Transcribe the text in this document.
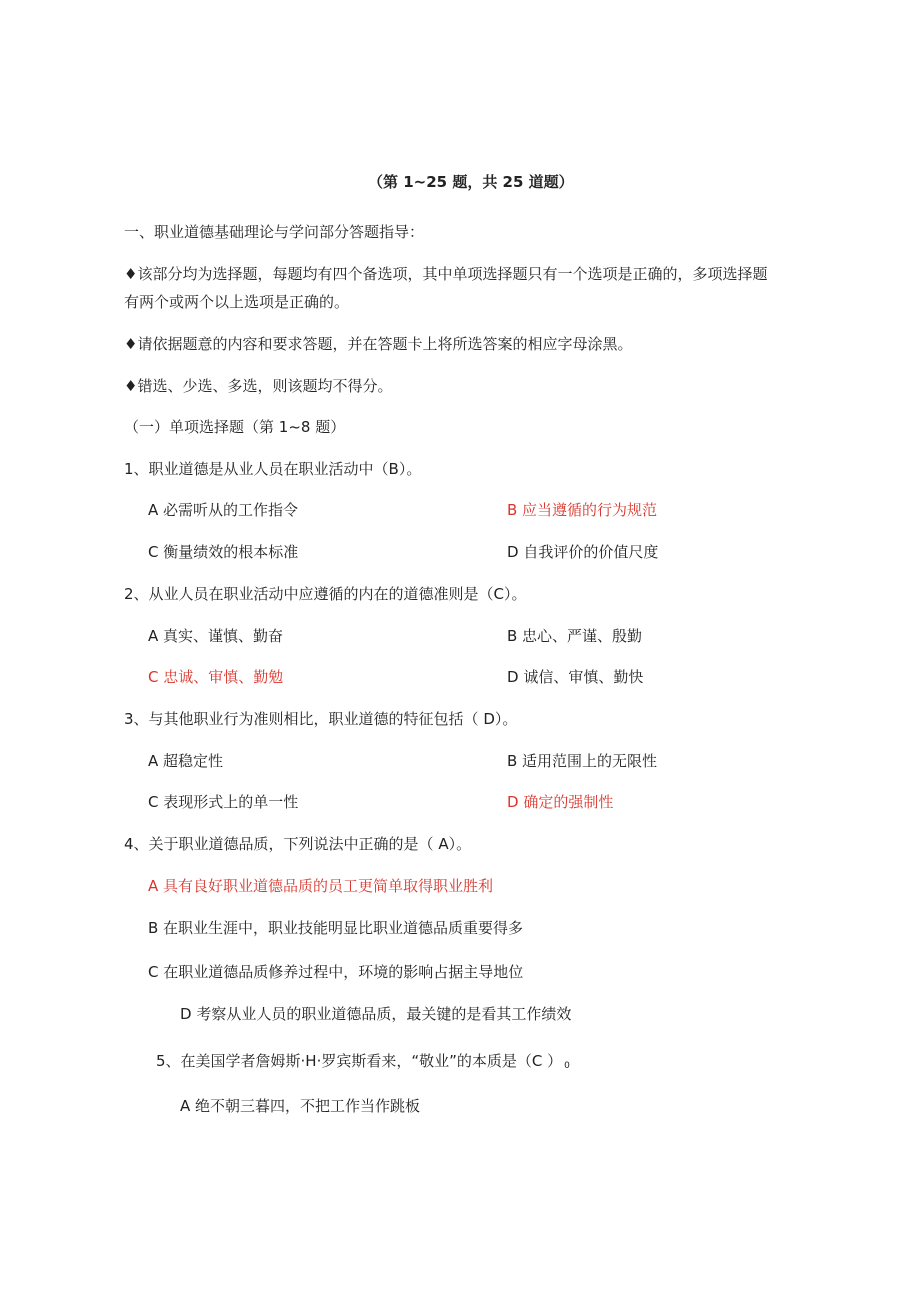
（第 1~25 题，共 25 道题）
一、职业道德基础理论与学问部分答题指导：
♦该部分均为选择题，每题均有四个备选项，其中单项选择题只有一个选项是正确的，多项选择题
有两个或两个以上选项是正确的。
♦请依据题意的内容和要求答题，并在答题卡上将所选答案的相应字母涂黑。
♦错选、少选、多选，则该题均不得分。
（一）单项选择题（第 1~8 题）
1、职业道德是从业人员在职业活动中（B）。
A 必需听从的工作指令	B 应当遵循的行为规范
C 衡量绩效的根本标准	D 自我评价的价值尺度
2、从业人员在职业活动中应遵循的内在的道德准则是（C）。
A 真实、谨慎、勤奋	B 忠心、严谨、殷勤
C 忠诚、审慎、勤勉	D 诚信、审慎、勤快
3、与其他职业行为准则相比，职业道德的特征包括（ D）。
A 超稳定性	B 适用范围上的无限性
C 表现形式上的单一性	D 确定的强制性
4、关于职业道德品质，下列说法中正确的是（ A）。
A 具有良好职业道德品质的员工更简单取得职业胜利
B 在职业生涯中，职业技能明显比职业道德品质重要得多
C 在职业道德品质修养过程中，环境的影响占据主导地位
D 考察从业人员的职业道德品质，最关键的是看其工作绩效
5、在美国学者詹姆斯·H·罗宾斯看来，“敬业”的本质是（C ） 0
A 绝不朝三暮四，不把工作当作跳板
